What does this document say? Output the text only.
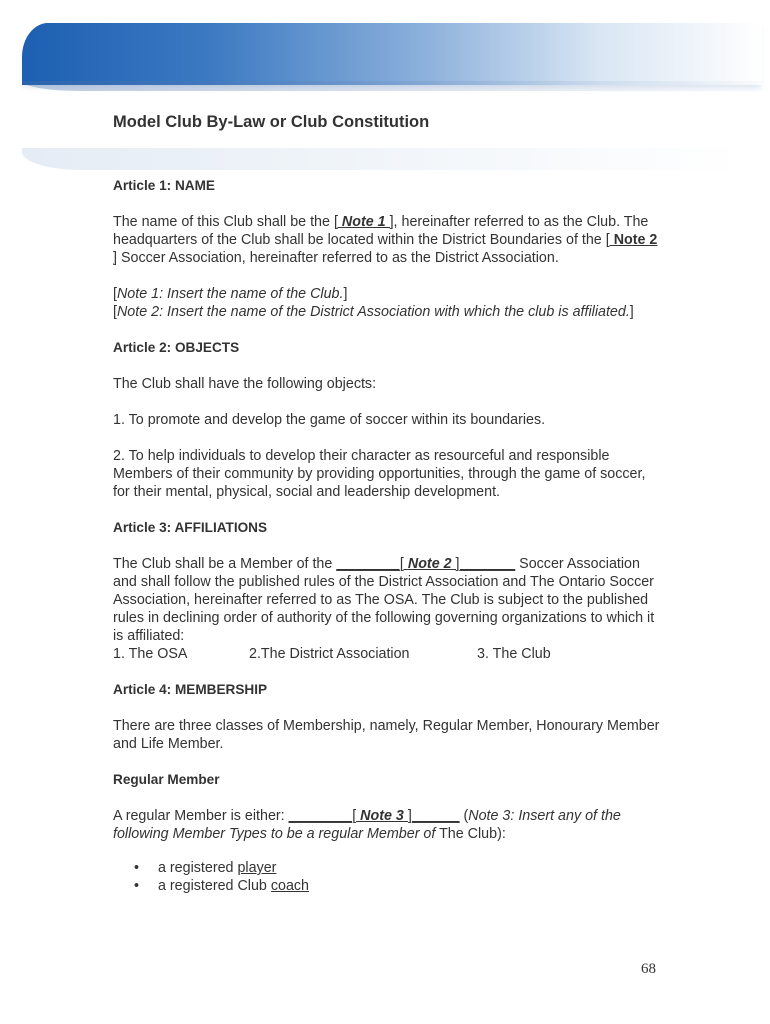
Model Club By-Law or Club Constitution
Article 1: NAME

The name of this Club shall be the [ Note 1 ], hereinafter referred to as the Club. The headquarters of the Club shall be located within the District Boundaries of the [ Note 2 ] Soccer Association, hereinafter referred to as the District Association.

[Note 1: Insert the name of the Club.]
[Note 2: Insert the name of the District Association with which the club is affiliated.]

Article 2: OBJECTS

The Club shall have the following objects:

1. To promote and develop the game of soccer within its boundaries.

2. To help individuals to develop their character as resourceful and responsible Members of their community by providing opportunities, through the game of soccer, for their mental, physical, social and leadership development.

Article 3: AFFILIATIONS

The Club shall be a Member of the ________[ Note 2 ]_______ Soccer Association and shall follow the published rules of the District Association and The Ontario Soccer Association, hereinafter referred to as The OSA. The Club is subject to the published rules in declining order of authority of the following governing organizations to which it is affiliated:

1. The OSA	2.The District Association	3. The Club
Article 4: MEMBERSHIP

There are three classes of Membership, namely, Regular Member, Honourary Member and Life Member.

Regular Member

A regular Member is either: ________[ Note 3 ]______ (Note 3: Insert any of the following Member Types to be a regular Member of The Club):

• a registered player
• a registered Club coach
68
